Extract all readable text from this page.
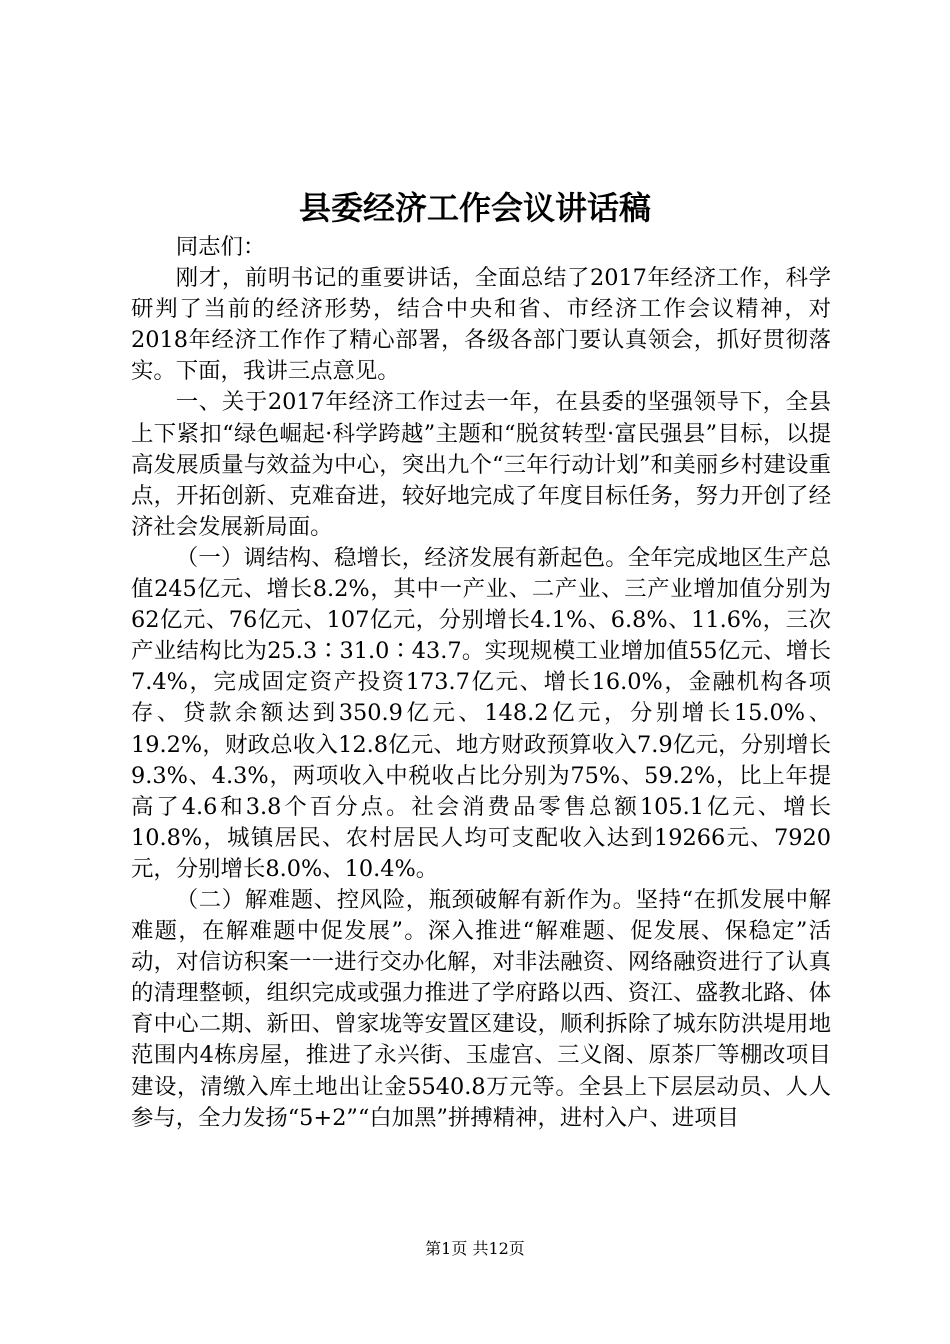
县委经济工作会议讲话稿

同志们：

刚才，前明书记的重要讲话，全面总结了2017年经济工作，科学研判了当前的经济形势，结合中央和省、市经济工作会议精神，对2018年经济工作作了精心部署，各级各部门要认真领会，抓好贯彻落实。下面，我讲三点意见。

一、关于2017年经济工作过去一年，在县委的坚强领导下，全县上下紧扣“绿色崛起·科学跨越”主题和“脱贫转型·富民强县”目标，以提高发展质量与效益为中心，突出九个“三年行动计划”和美丽乡村建设重点，开拓创新、克难奋进，较好地完成了年度目标任务，努力开创了经济社会发展新局面。

（一）调结构、稳增长，经济发展有新起色。全年完成地区生产总值245亿元、增长8.2%，其中一产业、二产业、三产业增加值分别为62亿元、76亿元、107亿元，分别增长4.1%、6.8%、11.6%，三次产业结构比为25.3∶31.0∶43.7。实现规模工业增加值55亿元、增长7.4%，完成固定资产投资173.7亿元、增长16.0%，金融机构各项存、贷款余额达到350.9亿元、148.2亿元，分别增长15.0%、19.2%，财政总收入12.8亿元、地方财政预算收入7.9亿元，分别增长9.3%、4.3%，两项收入中税收占比分别为75%、59.2%，比上年提高了4.6和3.8个百分点。社会消费品零售总额105.1亿元、增长10.8%，城镇居民、农村居民人均可支配收入达到19266元、7920元，分别增长8.0%、10.4%。

（二）解难题、控风险，瓶颈破解有新作为。坚持“在抓发展中解难题，在解难题中促发展”。深入推进“解难题、促发展、保稳定”活动，对信访积案一一进行交办化解，对非法融资、网络融资进行了认真的清理整顿，组织完成或强力推进了学府路以西、资江、盛教北路、体育中心二期、新田、曾家垅等安置区建设，顺利拆除了城东防洪堤用地范围内4栋房屋，推进了永兴街、玉虚宫、三义阁、原茶厂等棚改项目建设，清缴入库土地出让金5540.8万元等。全县上下层层动员、人人参与，全力发扬“5+2”“白加黑”拼搏精神，进村入户、进项目

第1页 共12页
